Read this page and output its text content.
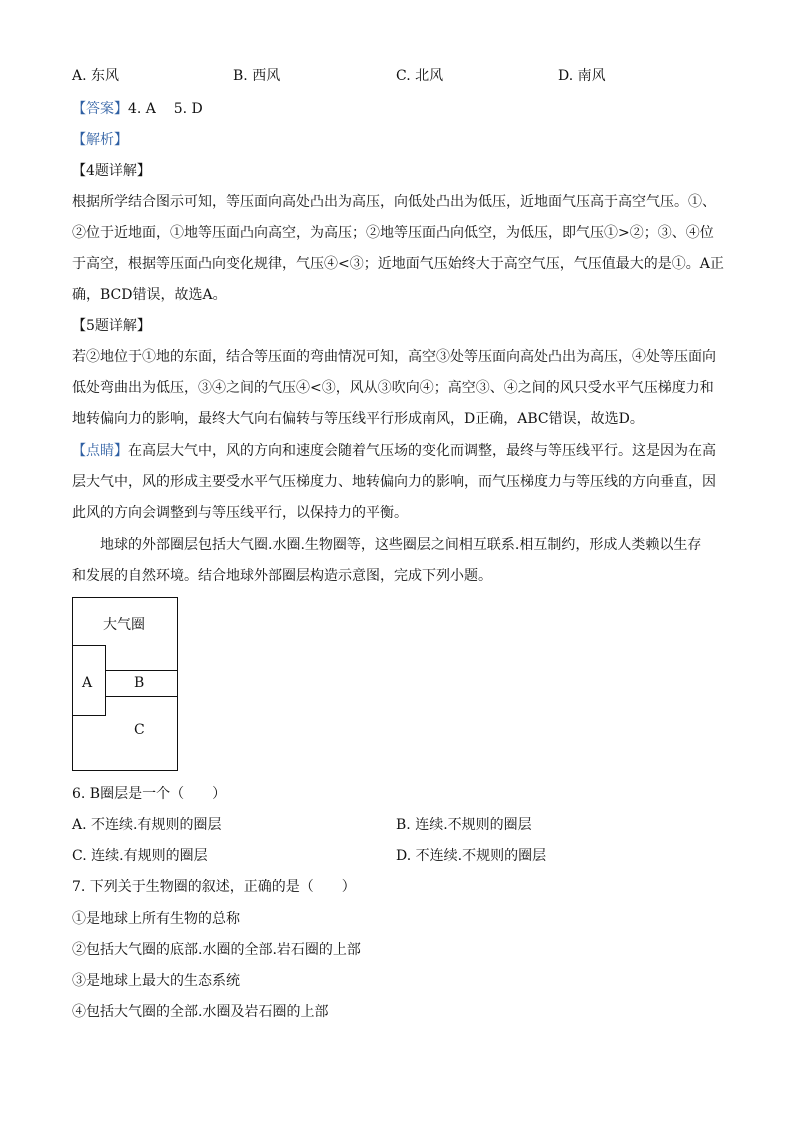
A. 东风	B. 西风	C. 北风	D. 南风
【答案】4. A    5. D
【解析】
【4题详解】
根据所学结合图示可知，等压面向高处凸出为高压，向低处凸出为低压，近地面气压高于高空气压。①、
②位于近地面，①地等压面凸向高空，为高压；②地等压面凸向低空，为低压，即气压①>②；③、④位
于高空，根据等压面凸向变化规律，气压④<③；近地面气压始终大于高空气压，气压值最大的是①。A正
确，BCD错误，故选A。
【5题详解】
若②地位于①地的东面，结合等压面的弯曲情况可知，高空③处等压面向高处凸出为高压，④处等压面向
低处弯曲出为低压，③④之间的气压④<③，风从③吹向④；高空③、④之间的风只受水平气压梯度力和
地转偏向力的影响，最终大气向右偏转与等压线平行形成南风，D正确，ABC错误，故选D。
【点睛】在高层大气中，风的方向和速度会随着气压场的变化而调整，最终与等压线平行。这是因为在高
层大气中，风的形成主要受水平气压梯度力、地转偏向力的影响，而气压梯度力与等压线的方向垂直，因
此风的方向会调整到与等压线平行，以保持力的平衡。
地球的外部圈层包括大气圈.水圈.生物圈等，这些圈层之间相互联系.相互制约，形成人类赖以生存
和发展的自然环境。结合地球外部圈层构造示意图，完成下列小题。
大气圈
A	B
C
6. B圈层是一个（　　）
A. 不连续.有规则的圈层	B. 连续.不规则的圈层
C. 连续.有规则的圈层	D. 不连续.不规则的圈层
7. 下列关于生物圈的叙述，正确的是（　　）
①是地球上所有生物的总称
②包括大气圈的底部.水圈的全部.岩石圈的上部
③是地球上最大的生态系统
④包括大气圈的全部.水圈及岩石圈的上部
